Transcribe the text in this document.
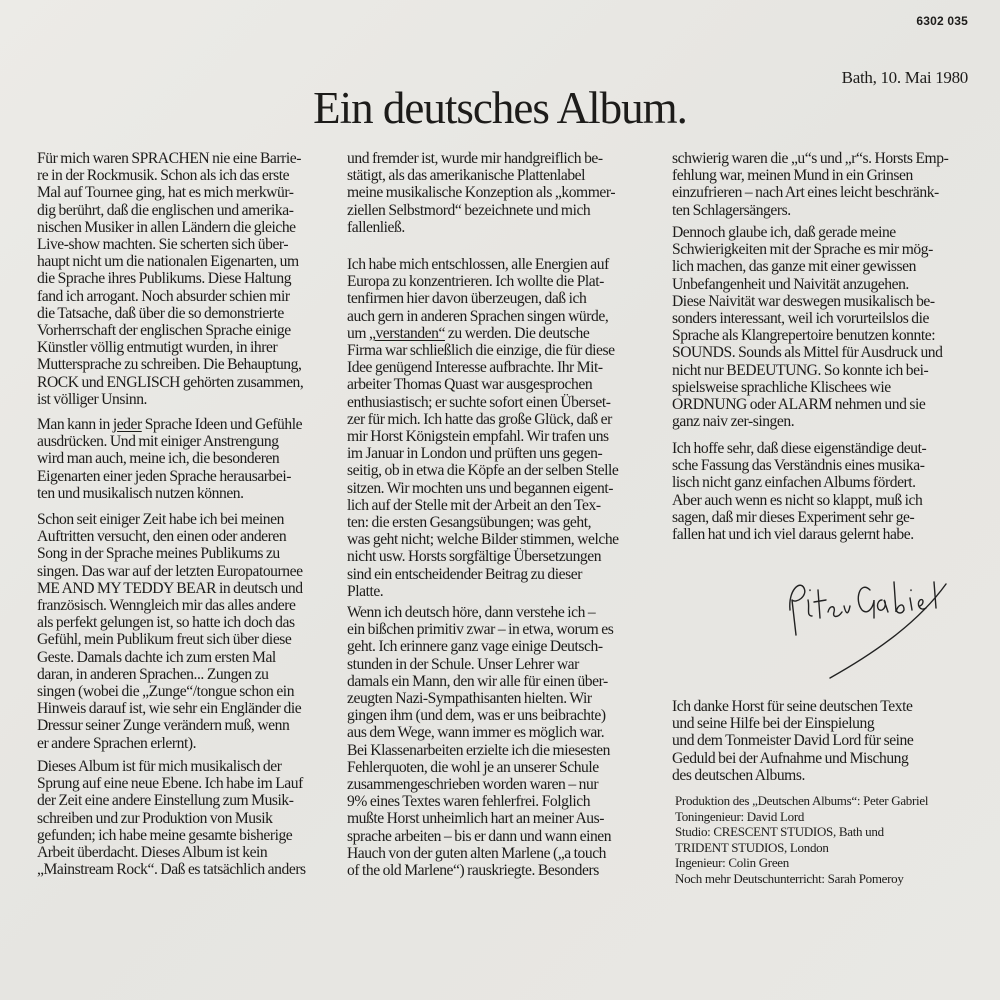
6302 035
Bath, 10. Mai 1980
Ein deutsches Album.
Für mich waren SPRACHEN nie eine Barrie-
re in der Rockmusik. Schon als ich das erste
Mal auf Tournee ging, hat es mich merkwür-
dig berührt, daß die englischen und amerika-
nischen Musiker in allen Ländern die gleiche
Live-show machten. Sie scherten sich über-
haupt nicht um die nationalen Eigenarten, um
die Sprache ihres Publikums. Diese Haltung
fand ich arrogant. Noch absurder schien mir
die Tatsache, daß über die so demonstrierte
Vorherrschaft der englischen Sprache einige
Künstler völlig entmutigt wurden, in ihrer
Muttersprache zu schreiben. Die Behauptung,
ROCK und ENGLISCH gehörten zusammen,
ist völliger Unsinn.
Man kann in jeder Sprache Ideen und Gefühle
ausdrücken. Und mit einiger Anstrengung
wird man auch, meine ich, die besonderen
Eigenarten einer jeden Sprache herausarbei-
ten und musikalisch nutzen können.
Schon seit einiger Zeit habe ich bei meinen
Auftritten versucht, den einen oder anderen
Song in der Sprache meines Publikums zu
singen. Das war auf der letzten Europatournee
ME AND MY TEDDY BEAR in deutsch und
französisch. Wenngleich mir das alles andere
als perfekt gelungen ist, so hatte ich doch das
Gefühl, mein Publikum freut sich über diese
Geste. Damals dachte ich zum ersten Mal
daran, in anderen Sprachen... Zungen zu
singen (wobei die „Zunge“/tongue schon ein
Hinweis darauf ist, wie sehr ein Engländer die
Dressur seiner Zunge verändern muß, wenn
er andere Sprachen erlernt).
Dieses Album ist für mich musikalisch der
Sprung auf eine neue Ebene. Ich habe im Lauf
der Zeit eine andere Einstellung zum Musik-
schreiben und zur Produktion von Musik
gefunden; ich habe meine gesamte bisherige
Arbeit überdacht. Dieses Album ist kein
„Mainstream Rock“. Daß es tatsächlich anders
und fremder ist, wurde mir handgreiflich be-
stätigt, als das amerikanische Plattenlabel
meine musikalische Konzeption als „kommer-
ziellen Selbstmord“ bezeichnete und mich
fallenließ.
Ich habe mich entschlossen, alle Energien auf
Europa zu konzentrieren. Ich wollte die Plat-
tenfirmen hier davon überzeugen, daß ich
auch gern in anderen Sprachen singen würde,
um „verstanden“ zu werden. Die deutsche
Firma war schließlich die einzige, die für diese
Idee genügend Interesse aufbrachte. Ihr Mit-
arbeiter Thomas Quast war ausgesprochen
enthusiastisch; er suchte sofort einen Überset-
zer für mich. Ich hatte das große Glück, daß er
mir Horst Königstein empfahl. Wir trafen uns
im Januar in London und prüften uns gegen-
seitig, ob in etwa die Köpfe an der selben Stelle
sitzen. Wir mochten uns und begannen eigent-
lich auf der Stelle mit der Arbeit an den Tex-
ten: die ersten Gesangsübungen; was geht,
was geht nicht; welche Bilder stimmen, welche
nicht usw. Horsts sorgfältige Übersetzungen
sind ein entscheidender Beitrag zu dieser
Platte.
Wenn ich deutsch höre, dann verstehe ich –
ein bißchen primitiv zwar – in etwa, worum es
geht. Ich erinnere ganz vage einige Deutsch-
stunden in der Schule. Unser Lehrer war
damals ein Mann, den wir alle für einen über-
zeugten Nazi-Sympathisanten hielten. Wir
gingen ihm (und dem, was er uns beibrachte)
aus dem Wege, wann immer es möglich war.
Bei Klassenarbeiten erzielte ich die miesesten
Fehlerquoten, die wohl je an unserer Schule
zusammengeschrieben worden waren – nur
9% eines Textes waren fehlerfrei. Folglich
mußte Horst unheimlich hart an meiner Aus-
sprache arbeiten – bis er dann und wann einen
Hauch von der guten alten Marlene („a touch
of the old Marlene“) rauskriegte. Besonders
schwierig waren die „u“s und „r“s. Horsts Emp-
fehlung war, meinen Mund in ein Grinsen
einzufrieren – nach Art eines leicht beschränk-
ten Schlagersängers.
Dennoch glaube ich, daß gerade meine
Schwierigkeiten mit der Sprache es mir mög-
lich machen, das ganze mit einer gewissen
Unbefangenheit und Naivität anzugehen.
Diese Naivität war deswegen musikalisch be-
sonders interessant, weil ich vorurteilslos die
Sprache als Klangrepertoire benutzen konnte:
SOUNDS. Sounds als Mittel für Ausdruck und
nicht nur BEDEUTUNG. So konnte ich bei-
spielsweise sprachliche Klischees wie
ORDNUNG oder ALARM nehmen und sie
ganz naiv zer-singen.
Ich hoffe sehr, daß diese eigenständige deut-
sche Fassung das Verständnis eines musika-
lisch nicht ganz einfachen Albums fördert.
Aber auch wenn es nicht so klappt, muß ich
sagen, daß mir dieses Experiment sehr ge-
fallen hat und ich viel daraus gelernt habe.
Ich danke Horst für seine deutschen Texte
und seine Hilfe bei der Einspielung
und dem Tonmeister David Lord für seine
Geduld bei der Aufnahme und Mischung
des deutschen Albums.
Produktion des „Deutschen Albums“: Peter Gabriel
Toningenieur: David Lord
Studio: CRESCENT STUDIOS, Bath und
TRIDENT STUDIOS, London
Ingenieur: Colin Green
Noch mehr Deutschunterricht: Sarah Pomeroy
